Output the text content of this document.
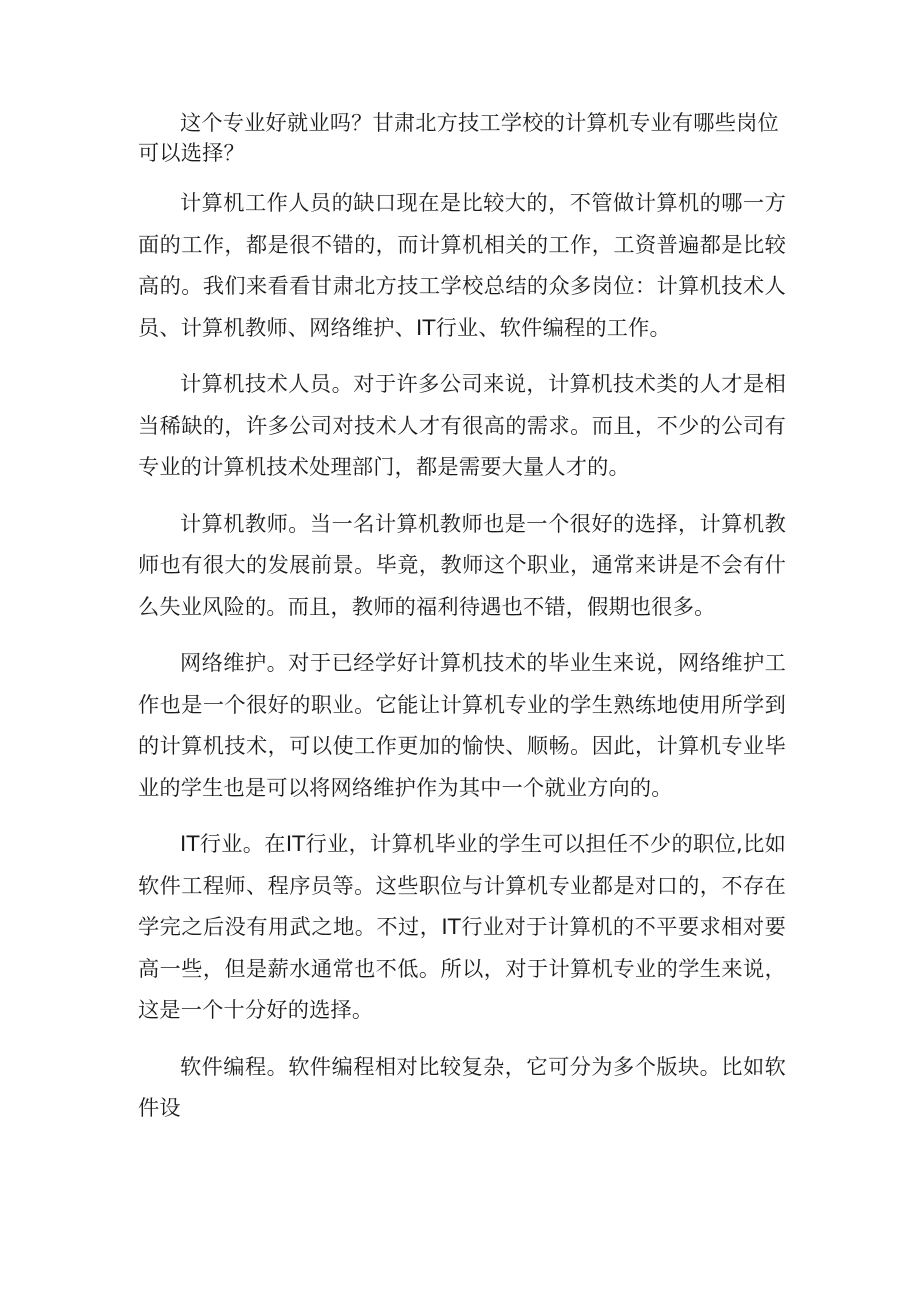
这个专业好就业吗？甘肃北方技工学校的计算机专业有哪些岗位可以选择？

计算机工作人员的缺口现在是比较大的，不管做计算机的哪一方面的工作，都是很不错的，而计算机相关的工作，工资普遍都是比较高的。我们来看看甘肃北方技工学校总结的众多岗位：计算机技术人员、计算机教师、网络维护、IT行业、软件编程的工作。

计算机技术人员。对于许多公司来说，计算机技术类的人才是相当稀缺的，许多公司对技术人才有很高的需求。而且，不少的公司有专业的计算机技术处理部门，都是需要大量人才的。

计算机教师。当一名计算机教师也是一个很好的选择，计算机教师也有很大的发展前景。毕竟，教师这个职业，通常来讲是不会有什么失业风险的。而且，教师的福利待遇也不错，假期也很多。

网络维护。对于已经学好计算机技术的毕业生来说，网络维护工作也是一个很好的职业。它能让计算机专业的学生熟练地使用所学到的计算机技术，可以使工作更加的愉快、顺畅。因此，计算机专业毕业的学生也是可以将网络维护作为其中一个就业方向的。

IT行业。在IT行业，计算机毕业的学生可以担任不少的职位,比如软件工程师、程序员等。这些职位与计算机专业都是对口的，不存在学完之后没有用武之地。不过，IT行业对于计算机的不平要求相对要高一些，但是薪水通常也不低。所以，对于计算机专业的学生来说，这是一个十分好的选择。

软件编程。软件编程相对比较复杂，它可分为多个版块。比如软件设
